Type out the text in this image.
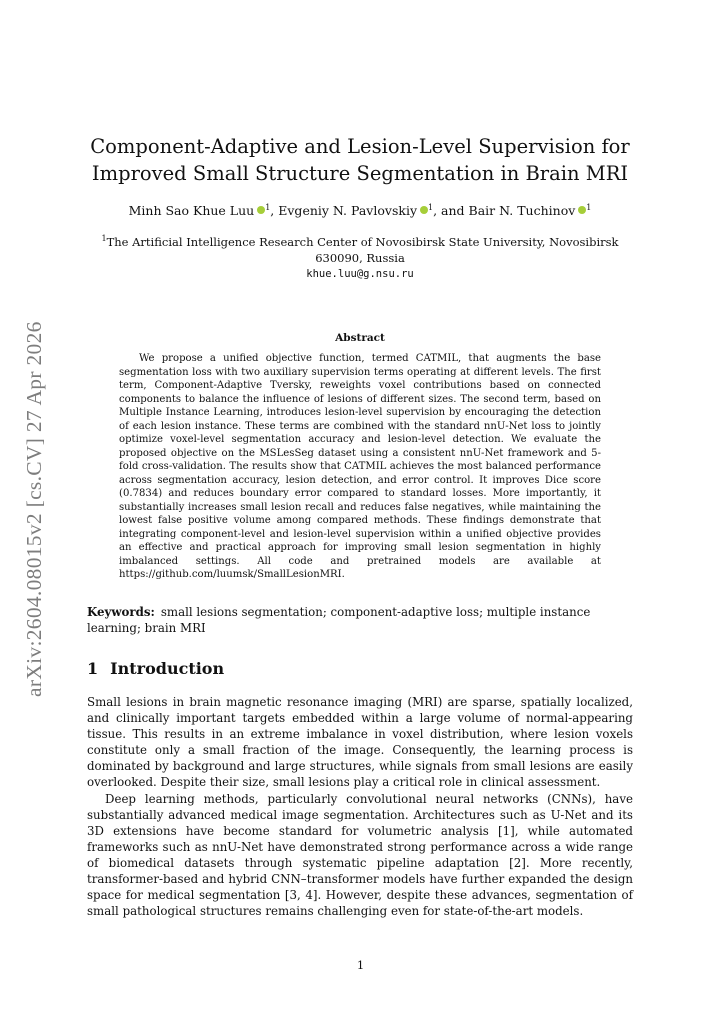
arXiv:2604.08015v2 [cs.CV] 27 Apr 2026
Component-Adaptive and Lesion-Level Supervision for Improved Small Structure Segmentation in Brain MRI
Minh Sao Khue Luu $^1$, Evgeniy N. Pavlovskiy $^1$, and Bair N. Tuchinov $^1$
$^1$The Artificial Intelligence Research Center of Novosibirsk State University, Novosibirsk
630090, Russia
khue.luu@g.nsu.ru
Abstract
We propose a unified objective function, termed CATMIL, that augments the base segmentation loss with two auxiliary supervision terms operating at different levels. The first term, Component-Adaptive Tversky, reweights voxel contributions based on connected components to balance the influence of lesions of different sizes. The second term, based on Multiple Instance Learning, introduces lesion-level supervision by encouraging the detection of each lesion instance. These terms are combined with the standard nnU-Net loss to jointly optimize voxel-level segmentation accuracy and lesion-level detection. We evaluate the proposed objective on the MSLesSeg dataset using a consistent nnU-Net framework and 5-fold cross-validation. The results show that CATMIL achieves the most balanced performance across segmentation accuracy, lesion detection, and error control. It improves Dice score (0.7834) and reduces boundary error compared to standard losses. More importantly, it substantially increases small lesion recall and reduces false negatives, while maintaining the lowest false positive volume among compared methods. These findings demonstrate that integrating component-level and lesion-level supervision within a unified objective provides an effective and practical approach for improving small lesion segmentation in highly imbalanced settings. All code and pretrained models are available at https://github.com/luumsk/SmallLesionMRI.
Keywords: small lesions segmentation; component-adaptive loss; multiple instance learning; brain MRI
1 Introduction

Small lesions in brain magnetic resonance imaging (MRI) are sparse, spatially localized, and clinically important targets embedded within a large volume of normal-appearing tissue. This results in an extreme imbalance in voxel distribution, where lesion voxels constitute only a small fraction of the image. Consequently, the learning process is dominated by background and large structures, while signals from small lesions are easily overlooked. Despite their size, small lesions play a critical role in clinical assessment.

Deep learning methods, particularly convolutional neural networks (CNNs), have substantially advanced medical image segmentation. Architectures such as U-Net and its 3D extensions have become standard for volumetric analysis [1], while automated frameworks such as nnU-Net have demonstrated strong performance across a wide range of biomedical datasets through systematic pipeline adaptation [2]. More recently, transformer-based and hybrid CNN–transformer models have further expanded the design space for medical segmentation [3, 4]. However, despite these advances, segmentation of small pathological structures remains challenging even for state-of-the-art models.

1
